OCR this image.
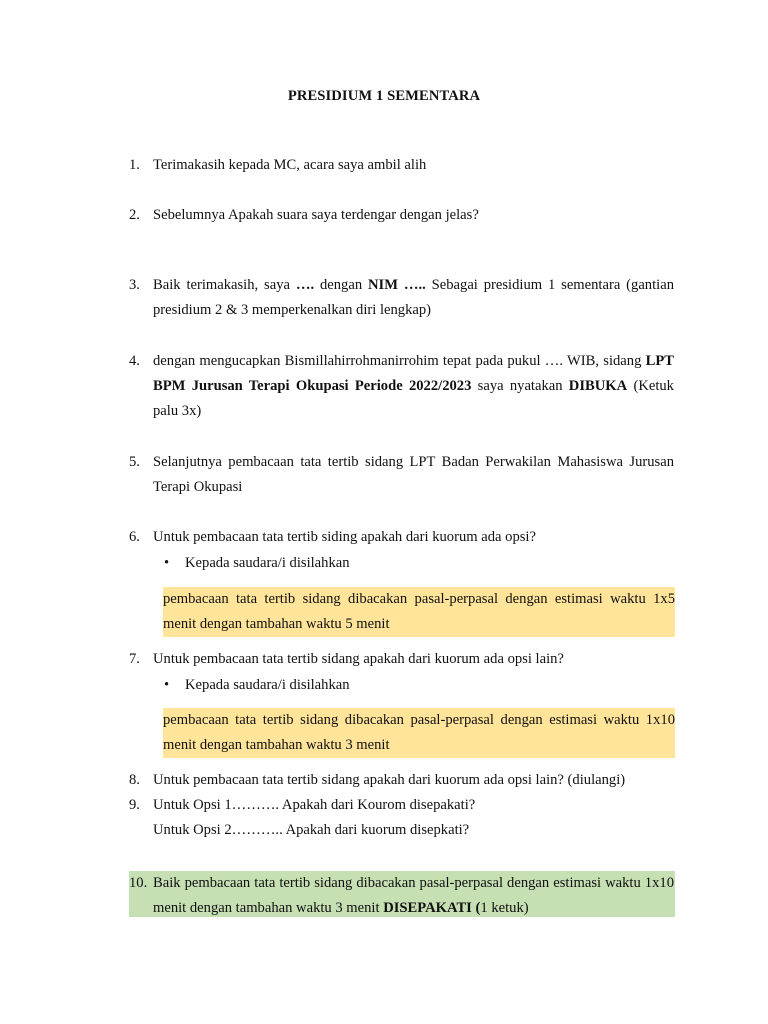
PRESIDIUM 1 SEMENTARA
1. Terimakasih kepada MC, acara saya ambil alih
2. Sebelumnya Apakah suara saya terdengar dengan jelas?
3. Baik terimakasih, saya …. dengan NIM ….. Sebagai presidium 1 sementara (gantian presidium 2 & 3 memperkenalkan diri lengkap)
4. dengan mengucapkan Bismillahirrohmanirrohim tepat pada pukul …. WIB, sidang LPT BPM Jurusan Terapi Okupasi Periode 2022/2023 saya nyatakan DIBUKA (Ketuk palu 3x)
5. Selanjutnya pembacaan tata tertib sidang LPT Badan Perwakilan Mahasiswa Jurusan Terapi Okupasi
6. Untuk pembacaan tata tertib siding apakah dari kuorum ada opsi?
• Kepada saudara/i disilahkan
pembacaan tata tertib sidang dibacakan pasal-perpasal dengan estimasi waktu 1x5 menit dengan tambahan waktu 5 menit
7. Untuk pembacaan tata tertib sidang apakah dari kuorum ada opsi lain?
• Kepada saudara/i disilahkan
pembacaan tata tertib sidang dibacakan pasal-perpasal dengan estimasi waktu 1x10 menit dengan tambahan waktu 3 menit
8. Untuk pembacaan tata tertib sidang apakah dari kuorum ada opsi lain? (diulangi)
9. Untuk Opsi 1………. Apakah dari Kourom disepakati?
Untuk Opsi 2……….. Apakah dari kuorum disepkati?
10. Baik pembacaan tata tertib sidang dibacakan pasal-perpasal dengan estimasi waktu 1x10 menit dengan tambahan waktu 3 menit DISEPAKATI (1 ketuk)
